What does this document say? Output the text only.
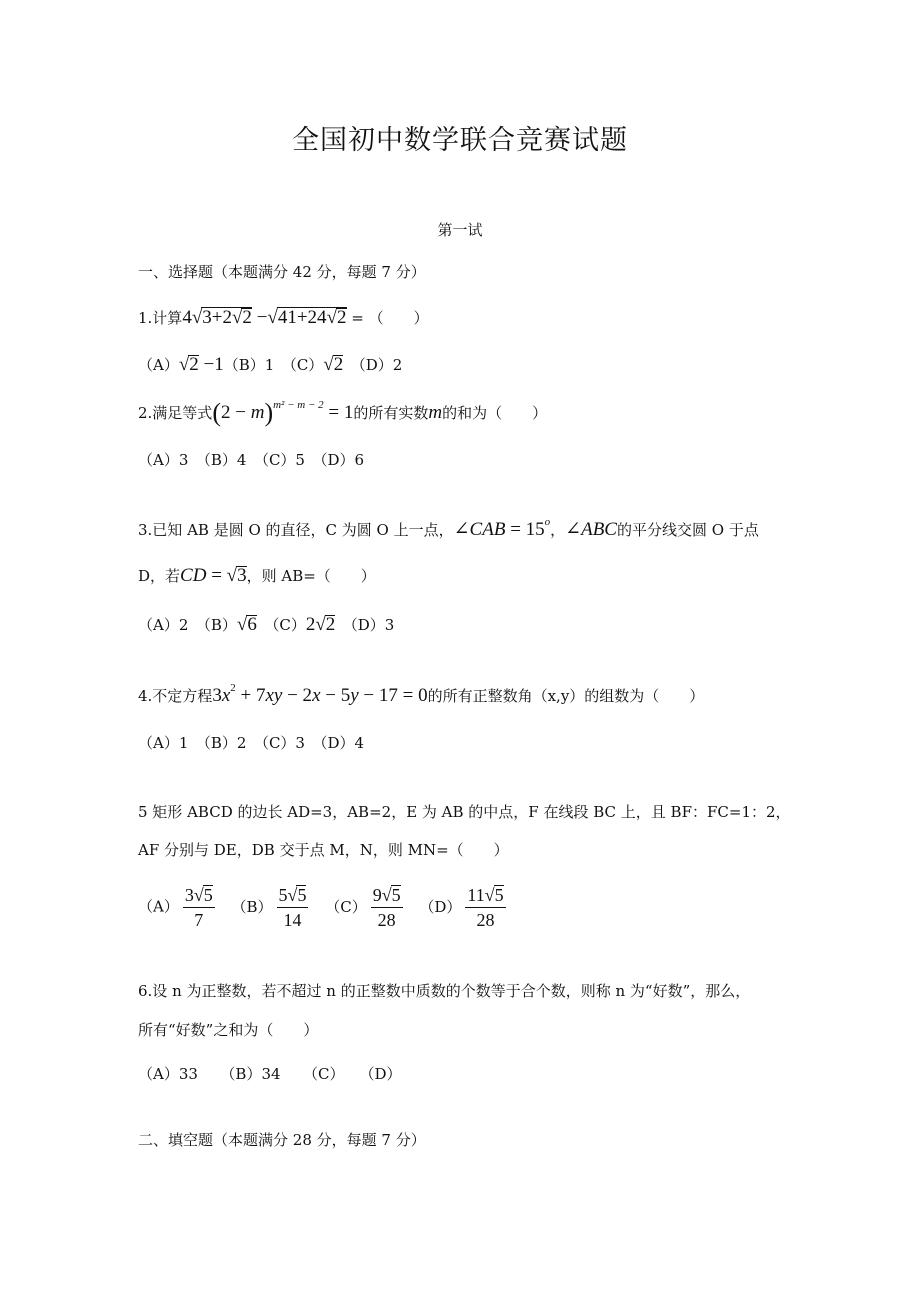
全国初中数学联合竞赛试题
第一试
一、选择题（本题满分 42 分，每题 7 分）
1.计算4√3+2√2 −√41+24√2 = （　　）
（A）√2 −1（B）1　（C）√2　（D）2
2.满足等式$(2 - m)^{m^2 - m - 2} = 1$的所有实数m的和为（　　）
（A）3　（B）4　（C）5　（D）6
3.已知 AB 是圆 O 的直径，C 为圆 O 上一点，∠CAB = $15^o$，∠ABC的平分线交圆 O 于点
D，若CD = √3，则 AB=（　　）
（A）2　（B）√6　（C）2√2　（D）3
4.不定方程$3x^2 + 7xy - 2x - 5y - 17 = 0$的所有正整数角（x,y）的组数为（　　）
（A）1　（B）2　（C）3　（D）4
5 矩形 ABCD 的边长 AD=3，AB=2，E 为 AB 的中点，F 在线段 BC 上，且 BF：FC=1：2，
AF 分别与 DE，DB 交于点 M，N，则 MN=（　　）
$(A) \frac{3√5}{7} (B) \frac{5√5}{14} (C) \frac{9√5}{28} (D) \frac{11√5}{28}$
6.设 n 为正整数，若不超过 n 的正整数中质数的个数等于合个数，则称 n 为“好数”，那么，
所有“好数”之和为（　　）
（A）33　　（B）34　　（C）　　（D）
二、填空题（本题满分 28 分，每题 7 分）
